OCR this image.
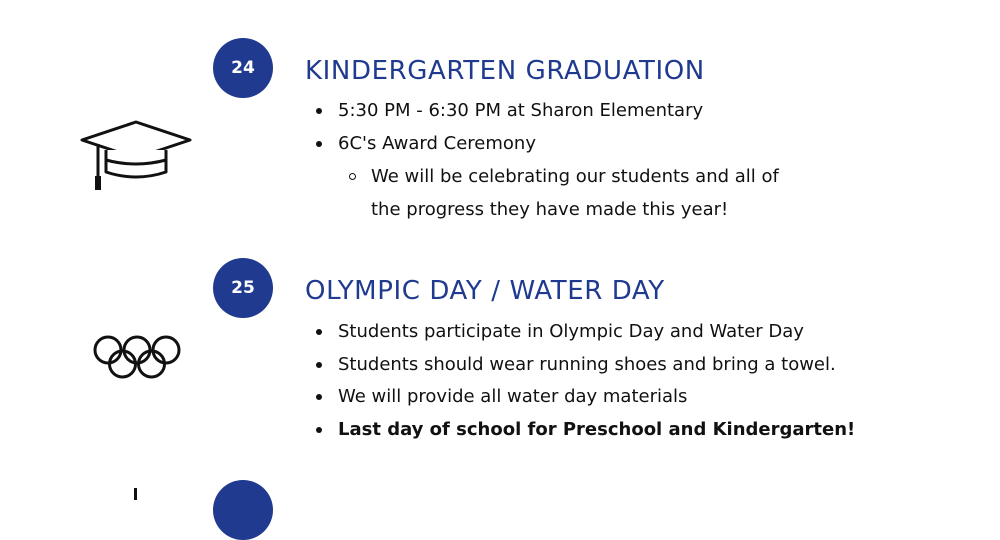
24 KINDERGARTEN GRADUATION
5:30 PM - 6:30 PM at Sharon Elementary
6C's Award Ceremony
We will be celebrating our students and all of the progress they have made this year!
25 OLYMPIC DAY / WATER DAY
Students participate in Olympic Day and Water Day
Students should wear running shoes and bring a towel.
We will provide all water day materials
Last day of school for Preschool and Kindergarten!
